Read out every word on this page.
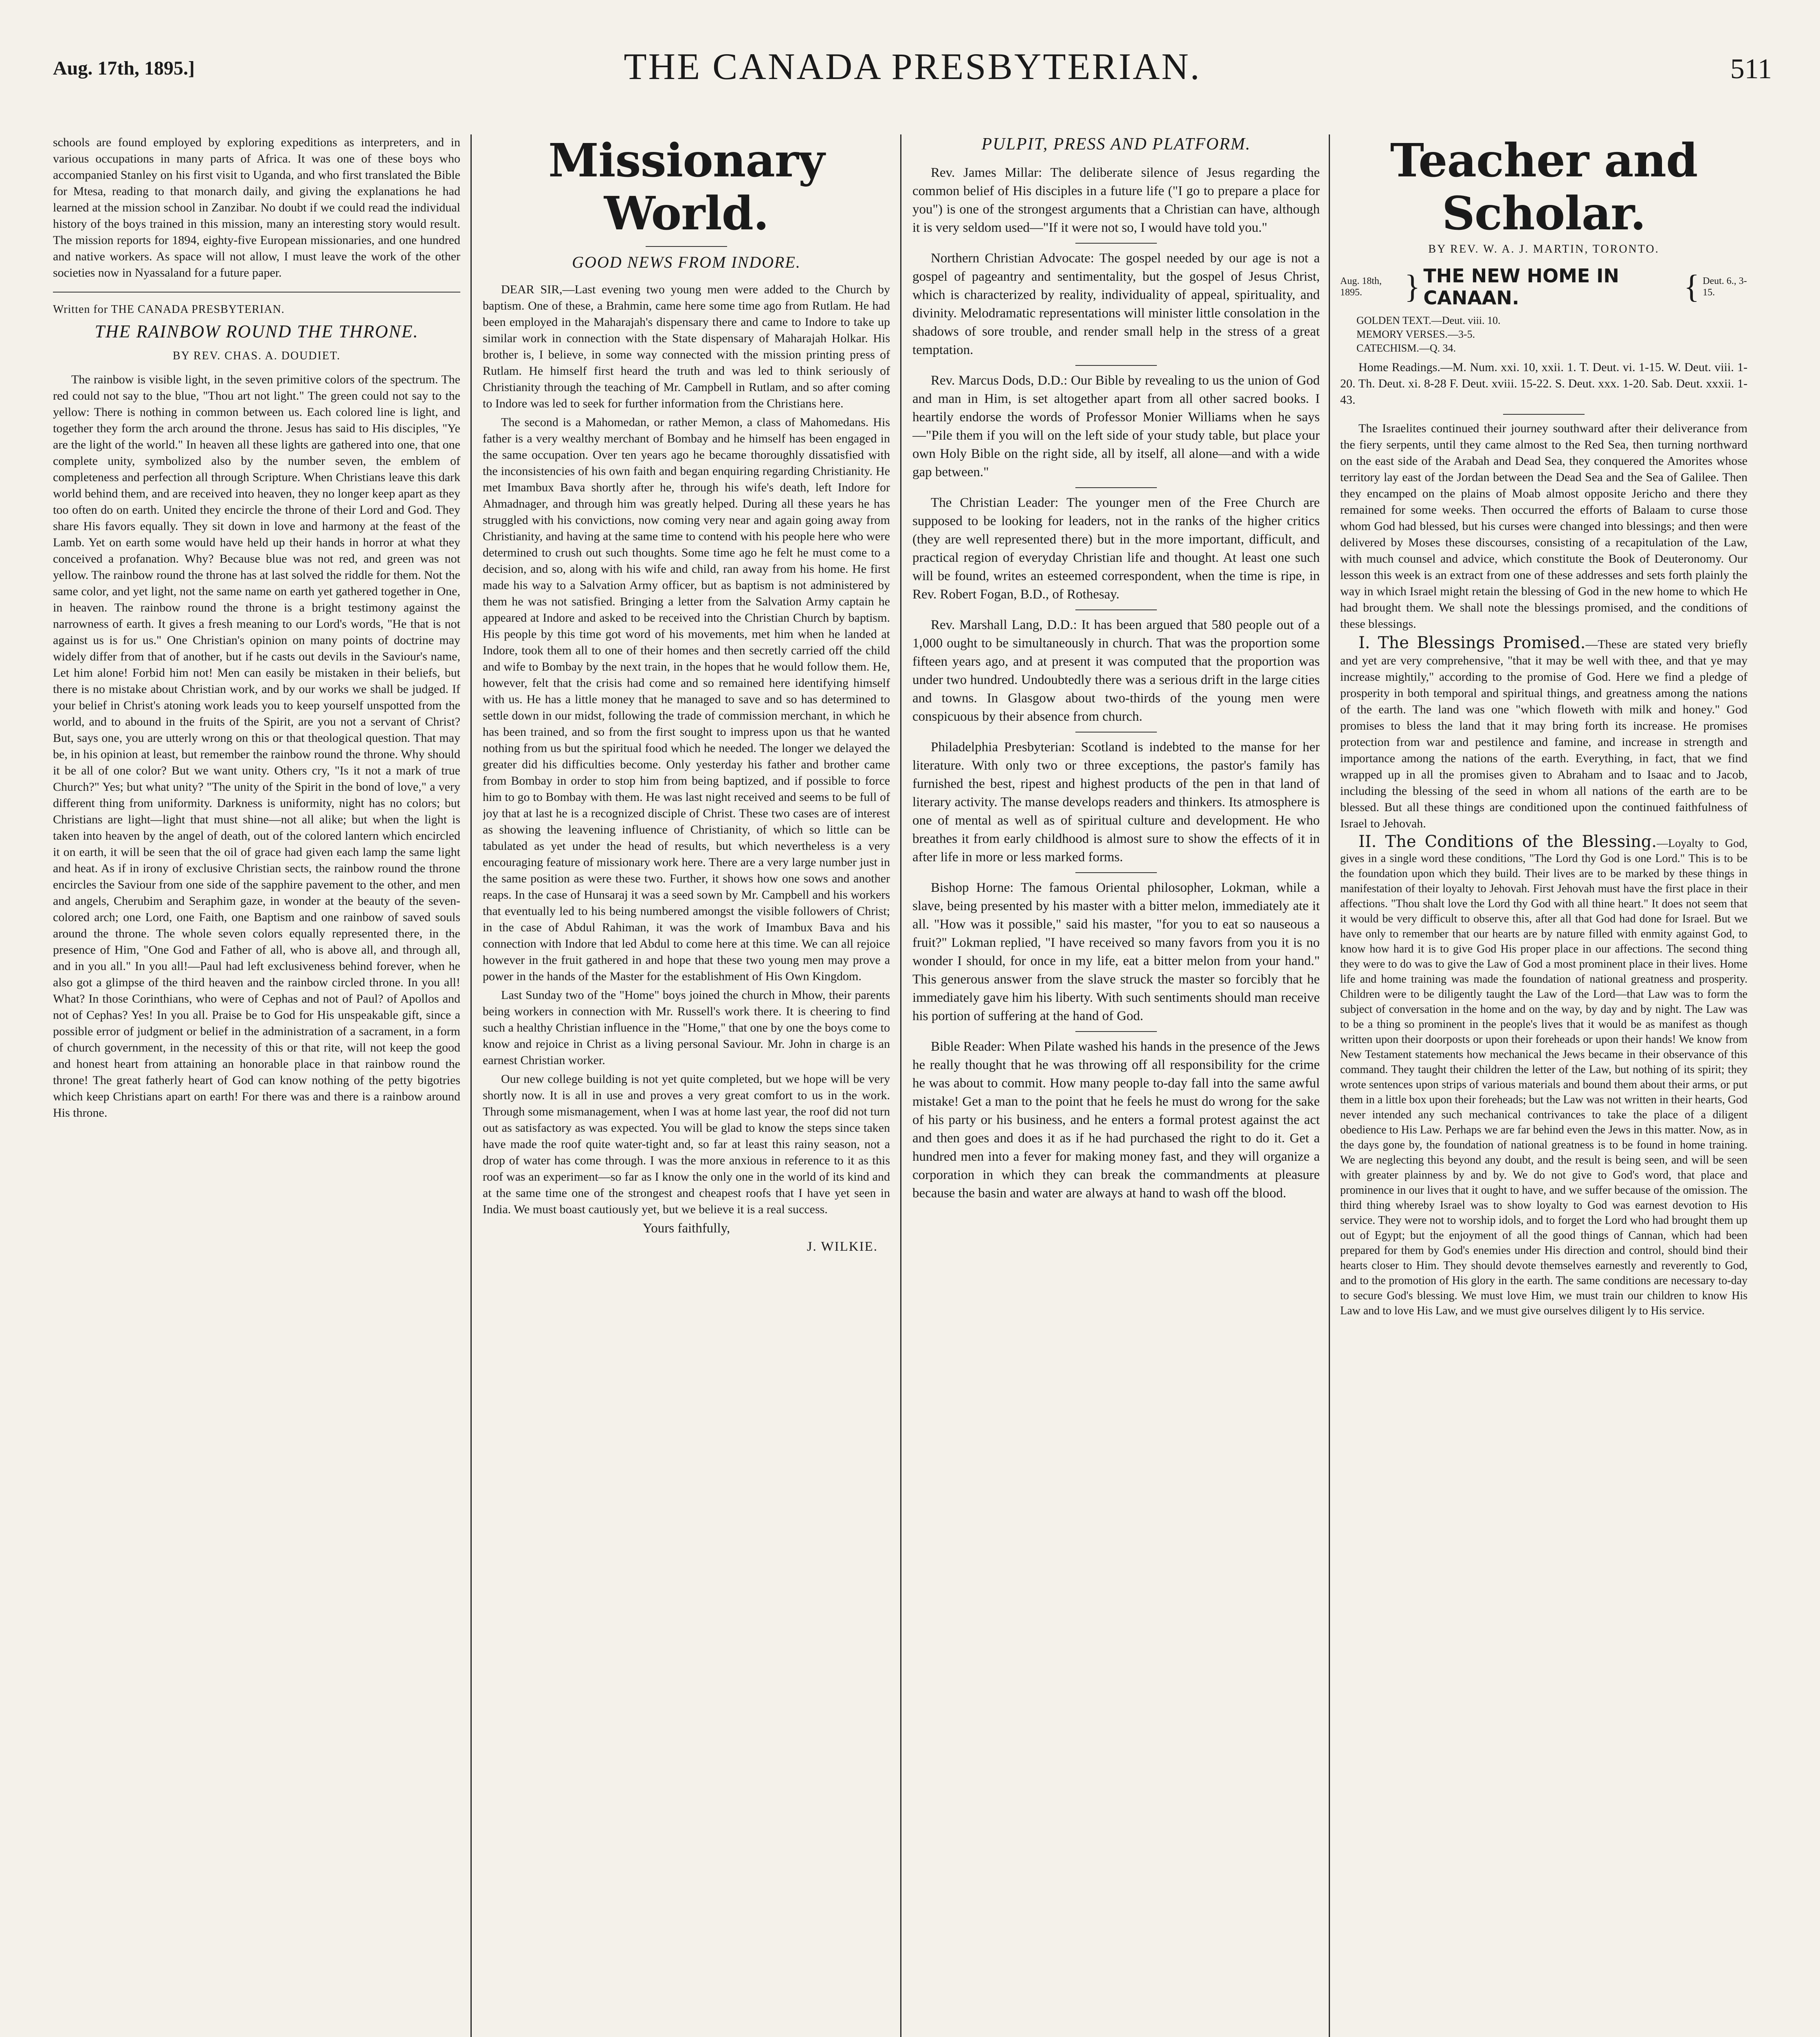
Aug. 17th, 1895.]	THE CANADA PRESBYTERIAN.	511

schools are found employed by exploring expeditions as interpreters, and in various occupations in many parts of Africa. It was one of these boys who accompanied Stanley on his first visit to Uganda, and who first translated the Bible for Mtesa, reading to that monarch daily, and giving the explanations he had learned at the mission school in Zanzibar. No doubt if we could read the individual history of the boys trained in this mission, many an interesting story would result. The mission reports for 1894, eighty-five European missionaries, and one hundred and native workers. As space will not allow, I must leave the work of the other societies now in Nyassaland for a future paper.

Written for THE CANADA PRESBYTERIAN.
THE RAINBOW ROUND THE THRONE.
BY REV. CHAS. A. DOUDIET.

The rainbow is visible light, in the seven primitive colors of the spectrum. The red could not say to the blue, "Thou art not light." The green could not say to the yellow: There is nothing in common between us. Each colored line is light, and together they form the arch around the throne. Jesus has said to His disciples, "Ye are the light of the world." In heaven all these lights are gathered into one, that one complete unity, symbolized also by the number seven, the emblem of completeness and perfection all through Scripture. When Christians leave this dark world behind them, and are received into heaven, they no longer keep apart as they too often do on earth. United they encircle the throne of their Lord and God. They share His favors equally. They sit down in love and harmony at the feast of the Lamb. Yet on earth some would have held up their hands in horror at what they conceived a profanation. Why? Because blue was not red, and green was not yellow. The rainbow round the throne has at last solved the riddle for them. Not the same color, and yet light, not the same name on earth yet gathered together in One, in heaven. The rainbow round the throne is a bright testimony against the narrowness of earth. It gives a fresh meaning to our Lord's words, "He that is not against us is for us." One Christian's opinion on many points of doctrine may widely differ from that of another, but if he casts out devils in the Saviour's name, Let him alone! Forbid him not! Men can easily be mistaken in their beliefs, but there is no mistake about Christian work, and by our works we shall be judged. If your belief in Christ's atoning work leads you to keep yourself unspotted from the world, and to abound in the fruits of the Spirit, are you not a servant of Christ? But, says one, you are utterly wrong on this or that theological question. That may be, in his opinion at least, but remember the rainbow round the throne. Why should it be all of one color? But we want unity. Others cry, "Is it not a mark of true Church?" Yes; but what unity? "The unity of the Spirit in the bond of love," a very different thing from uniformity. Darkness is uniformity, night has no colors; but Christians are light—light that must shine—not all alike; but when the light is taken into heaven by the angel of death, out of the colored lantern which encircled it on earth, it will be seen that the oil of grace had given each lamp the same light and heat. As if in irony of exclusive Christian sects, the rainbow round the throne encircles the Saviour from one side of the sapphire pavement to the other, and men and angels, Cherubim and Seraphim gaze, in wonder at the beauty of the seven-colored arch; one Lord, one Faith, one Baptism and one rainbow of saved souls around the throne. The whole seven colors equally represented there, in the presence of Him, "One God and Father of all, who is above all, and through all, and in you all." In you all!—Paul had left exclusiveness behind forever, when he also got a glimpse of the third heaven and the rainbow circled throne. In you all! What? In those Corinthians, who were of Cephas and not of Paul? of Apollos and not of Cephas? Yes! In you all. Praise be to God for His unspeakable gift, since a possible error of judgment or belief in the administration of a sacrament, in a form of church government, in the necessity of this or that rite, will not keep the good and honest heart from attaining an honorable place in that rainbow round the throne! The great fatherly heart of God can know nothing of the petty bigotries which keep Christians apart on earth! For there was and there is a rainbow around His throne.

Missionary World.
GOOD NEWS FROM INDORE.

DEAR SIR,—Last evening two young men were added to the Church by baptism. One of these, a Brahmin, came here some time ago from Rutlam. He had been employed in the Maharajah's dispensary there and came to Indore to take up similar work in connection with the State dispensary of Maharajah Holkar. His brother is, I believe, in some way connected with the mission printing press of Rutlam. He himself first heard the truth and was led to think seriously of Christianity through the teaching of Mr. Campbell in Rutlam, and so after coming to Indore was led to seek for further information from the Christians here.

The second is a Mahomedan, or rather Memon, a class of Mahomedans. His father is a very wealthy merchant of Bombay and he himself has been engaged in the same occupation. Over ten years ago he became thoroughly dissatisfied with the inconsistencies of his own faith and began enquiring regarding Christianity. He met Imambux Bava shortly after he, through his wife's death, left Indore for Ahmadnager, and through him was greatly helped. During all these years he has struggled with his convictions, now coming very near and again going away from Christianity, and having at the same time to contend with his people here who were determined to crush out such thoughts. Some time ago he felt he must come to a decision, and so, along with his wife and child, ran away from his home. He first made his way to a Salvation Army officer, but as baptism is not administered by them he was not satisfied. Bringing a letter from the Salvation Army captain he appeared at Indore and asked to be received into the Christian Church by baptism. His people by this time got word of his movements, met him when he landed at Indore, took them all to one of their homes and then secretly carried off the child and wife to Bombay by the next train, in the hopes that he would follow them. He, however, felt that the crisis had come and so remained here identifying himself with us. He has a little money that he managed to save and so has determined to settle down in our midst, following the trade of commission merchant, in which he has been trained, and so from the first sought to impress upon us that he wanted nothing from us but the spiritual food which he needed. The longer we delayed the greater did his difficulties become. Only yesterday his father and brother came from Bombay in order to stop him from being baptized, and if possible to force him to go to Bombay with them. He was last night received and seems to be full of joy that at last he is a recognized disciple of Christ. These two cases are of interest as showing the leavening influence of Christianity, of which so little can be tabulated as yet under the head of results, but which nevertheless is a very encouraging feature of missionary work here. There are a very large number just in the same position as were these two. Further, it shows how one sows and another reaps. In the case of Hunsaraj it was a seed sown by Mr. Campbell and his workers that eventually led to his being numbered amongst the visible followers of Christ; in the case of Abdul Rahiman, it was the work of Imambux Bava and his connection with Indore that led Abdul to come here at this time. We can all rejoice however in the fruit gathered in and hope that these two young men may prove a power in the hands of the Master for the establishment of His Own Kingdom.

Last Sunday two of the "Home" boys joined the church in Mhow, their parents being workers in connection with Mr. Russell's work there. It is cheering to find such a healthy Christian influence in the "Home," that one by one the boys come to know and rejoice in Christ as a living personal Saviour. Mr. John in charge is an earnest Christian worker.

Our new college building is not yet quite completed, but we hope will be very shortly now. It is all in use and proves a very great comfort to us in the work. Through some mismanagement, when I was at home last year, the roof did not turn out as satisfactory as was expected. You will be glad to know the steps since taken have made the roof quite water-tight and, so far at least this rainy season, not a drop of water has come through. I was the more anxious in reference to it as this roof was an experiment—so far as I know the only one in the world of its kind and at the same time one of the strongest and cheapest roofs that I have yet seen in India. We must boast cautiously yet, but we believe it is a real success.

Yours faithfully,
J. WILKIE.
PULPIT, PRESS AND PLATFORM.

Rev. James Millar: The deliberate silence of Jesus regarding the common belief of His disciples in a future life ("I go to prepare a place for you") is one of the strongest arguments that a Christian can have, although it is very seldom used—"If it were not so, I would have told you."

Northern Christian Advocate: The gospel needed by our age is not a gospel of pageantry and sentimentality, but the gospel of Jesus Christ, which is characterized by reality, individuality of appeal, spirituality, and divinity. Melodramatic representations will minister little consolation in the shadows of sore trouble, and render small help in the stress of a great temptation.

Rev. Marcus Dods, D.D.: Our Bible by revealing to us the union of God and man in Him, is set altogether apart from all other sacred books. I heartily endorse the words of Professor Monier Williams when he says—"Pile them if you will on the left side of your study table, but place your own Holy Bible on the right side, all by itself, all alone—and with a wide gap between."

The Christian Leader: The younger men of the Free Church are supposed to be looking for leaders, not in the ranks of the higher critics (they are well represented there) but in the more important, difficult, and practical region of everyday Christian life and thought. At least one such will be found, writes an esteemed correspondent, when the time is ripe, in Rev. Robert Fogan, B.D., of Rothesay.

Rev. Marshall Lang, D.D.: It has been argued that 580 people out of a 1,000 ought to be simultaneously in church. That was the proportion some fifteen years ago, and at present it was computed that the proportion was under two hundred. Undoubtedly there was a serious drift in the large cities and towns. In Glasgow about two-thirds of the young men were conspicuous by their absence from church.

Philadelphia Presbyterian: Scotland is indebted to the manse for her literature. With only two or three exceptions, the pastor's family has furnished the best, ripest and highest products of the pen in that land of literary activity. The manse develops readers and thinkers. Its atmosphere is one of mental as well as of spiritual culture and development. He who breathes it from early childhood is almost sure to show the effects of it in after life in more or less marked forms.

Bishop Horne: The famous Oriental philosopher, Lokman, while a slave, being presented by his master with a bitter melon, immediately ate it all. "How was it possible," said his master, "for you to eat so nauseous a fruit?" Lokman replied, "I have received so many favors from you it is no wonder I should, for once in my life, eat a bitter melon from your hand." This generous answer from the slave struck the master so forcibly that he immediately gave him his liberty. With such sentiments should man receive his portion of suffering at the hand of God.

Bible Reader: When Pilate washed his hands in the presence of the Jews he really thought that he was throwing off all responsibility for the crime he was about to commit. How many people to-day fall into the same awful mistake! Get a man to the point that he feels he must do wrong for the sake of his party or his business, and he enters a formal protest against the act and then goes and does it as if he had purchased the right to do it. Get a hundred men into a fever for making money fast, and they will organize a corporation in which they can break the commandments at pleasure because the basin and water are always at hand to wash off the blood.

Teacher and Scholar.
BY REV. W. A. J. MARTIN, TORONTO.
Aug. 18th, 1895.	} THE NEW HOME IN CANAAN.	{ Deut. 6., 3-15.
GOLDEN TEXT.—Deut. viii. 10.
MEMORY VERSES.—3-5.
CATECHISM.—Q. 34.

Home Readings.—M. Num. xxi. 10, xxii. 1. T. Deut. vi. 1-15. W. Deut. viii. 1-20. Th. Deut. xi. 8-28 F. Deut. xviii. 15-22. S. Deut. xxx. 1-20. Sab. Deut. xxxii. 1-43.

The Israelites continued their journey southward after their deliverance from the fiery serpents, until they came almost to the Red Sea, then turning northward on the east side of the Arabah and Dead Sea, they conquered the Amorites whose territory lay east of the Jordan between the Dead Sea and the Sea of Galilee. Then they encamped on the plains of Moab almost opposite Jericho and there they remained for some weeks. Then occurred the efforts of Balaam to curse those whom God had blessed, but his curses were changed into blessings; and then were delivered by Moses these discourses, consisting of a recapitulation of the Law, with much counsel and advice, which constitute the Book of Deuteronomy. Our lesson this week is an extract from one of these addresses and sets forth plainly the way in which Israel might retain the blessing of God in the new home to which He had brought them. We shall note the blessings promised, and the conditions of these blessings.

I. The Blessings Promised.—These are stated very briefly and yet are very comprehensive, "that it may be well with thee, and that ye may increase mightily," according to the promise of God. Here we find a pledge of prosperity in both temporal and spiritual things, and greatness among the nations of the earth. The land was one "which floweth with milk and honey." God promises to bless the land that it may bring forth its increase. He promises protection from war and pestilence and famine, and increase in strength and importance among the nations of the earth. Everything, in fact, that we find wrapped up in all the promises given to Abraham and to Isaac and to Jacob, including the blessing of the seed in whom all nations of the earth are to be blessed. But all these things are conditioned upon the continued faithfulness of Israel to Jehovah.

II. The Conditions of the Blessing.—Loyalty to God, gives in a single word these conditions, "The Lord thy God is one Lord." This is to be the foundation upon which they build. Their lives are to be marked by these things in manifestation of their loyalty to Jehovah. First Jehovah must have the first place in their affections. "Thou shalt love the Lord thy God with all thine heart." It does not seem that it would be very difficult to observe this, after all that God had done for Israel. But we have only to remember that our hearts are by nature filled with enmity against God, to know how hard it is to give God His proper place in our affections. The second thing they were to do was to give the Law of God a most prominent place in their lives. Home life and home training was made the foundation of national greatness and prosperity. Children were to be diligently taught the Law of the Lord—that Law was to form the subject of conversation in the home and on the way, by day and by night. The Law was to be a thing so prominent in the people's lives that it would be as manifest as though written upon their doorposts or upon their foreheads or upon their hands! We know from New Testament statements how mechanical the Jews became in their observance of this command. They taught their children the letter of the Law, but nothing of its spirit; they wrote sentences upon strips of various materials and bound them about their arms, or put them in a little box upon their foreheads; but the Law was not written in their hearts, God never intended any such mechanical contrivances to take the place of a diligent obedience to His Law. Perhaps we are far behind even the Jews in this matter. Now, as in the days gone by, the foundation of national greatness is to be found in home training. We are neglecting this beyond any doubt, and the result is being seen, and will be seen with greater plainness by and by. We do not give to God's word, that place and prominence in our lives that it ought to have, and we suffer because of the omission. The third thing whereby Israel was to show loyalty to God was earnest devotion to His service. They were not to worship idols, and to forget the Lord who had brought them up out of Egypt; but the enjoyment of all the good things of Cannan, which had been prepared for them by God's enemies under His direction and control, should bind their hearts closer to Him. They should devote themselves earnestly and reverently to God, and to the promotion of His glory in the earth. The same conditions are necessary to-day to secure God's blessing. We must love Him, we must train our children to know His Law and to love His Law, and we must give ourselves diligent ly to His service.
